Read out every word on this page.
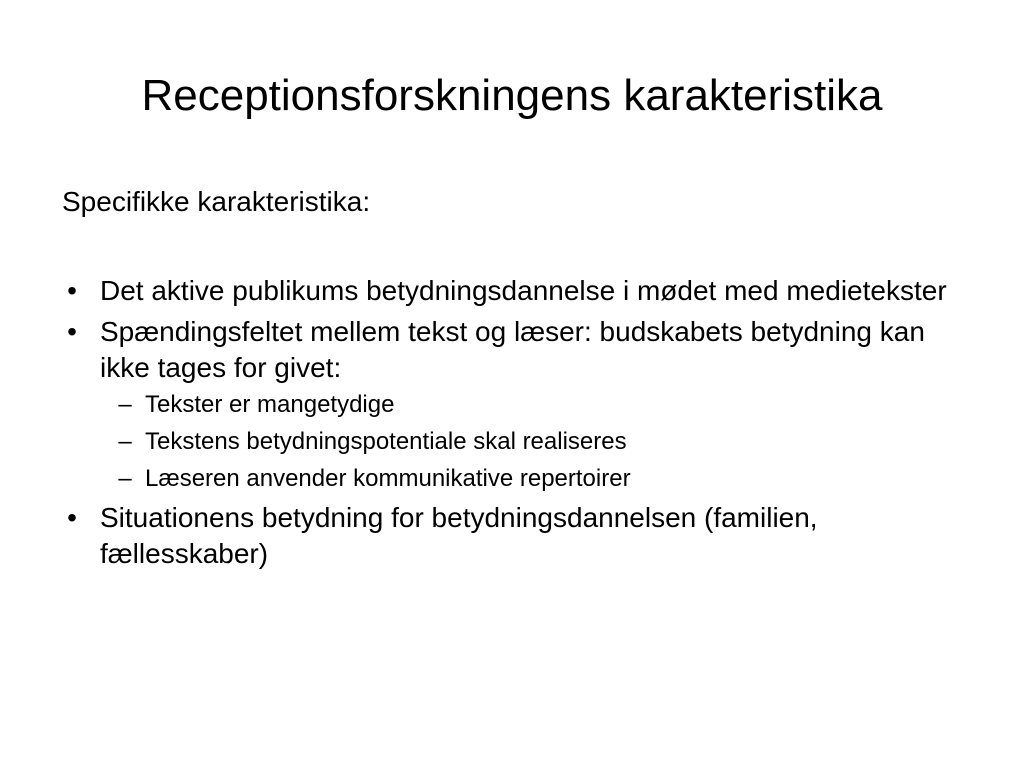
Receptionsforskningens karakteristika
Specifikke karakteristika:
• Det aktive publikums betydningsdannelse i mødet med medietekster
• Spændingsfeltet mellem tekst og læser: budskabets betydning kan ikke tages for givet:
– Tekster er mangetydige
– Tekstens betydningspotentiale skal realiseres
– Læseren anvender kommunikative repertoirer
• Situationens betydning for betydningsdannelsen (familien, fællesskaber)
